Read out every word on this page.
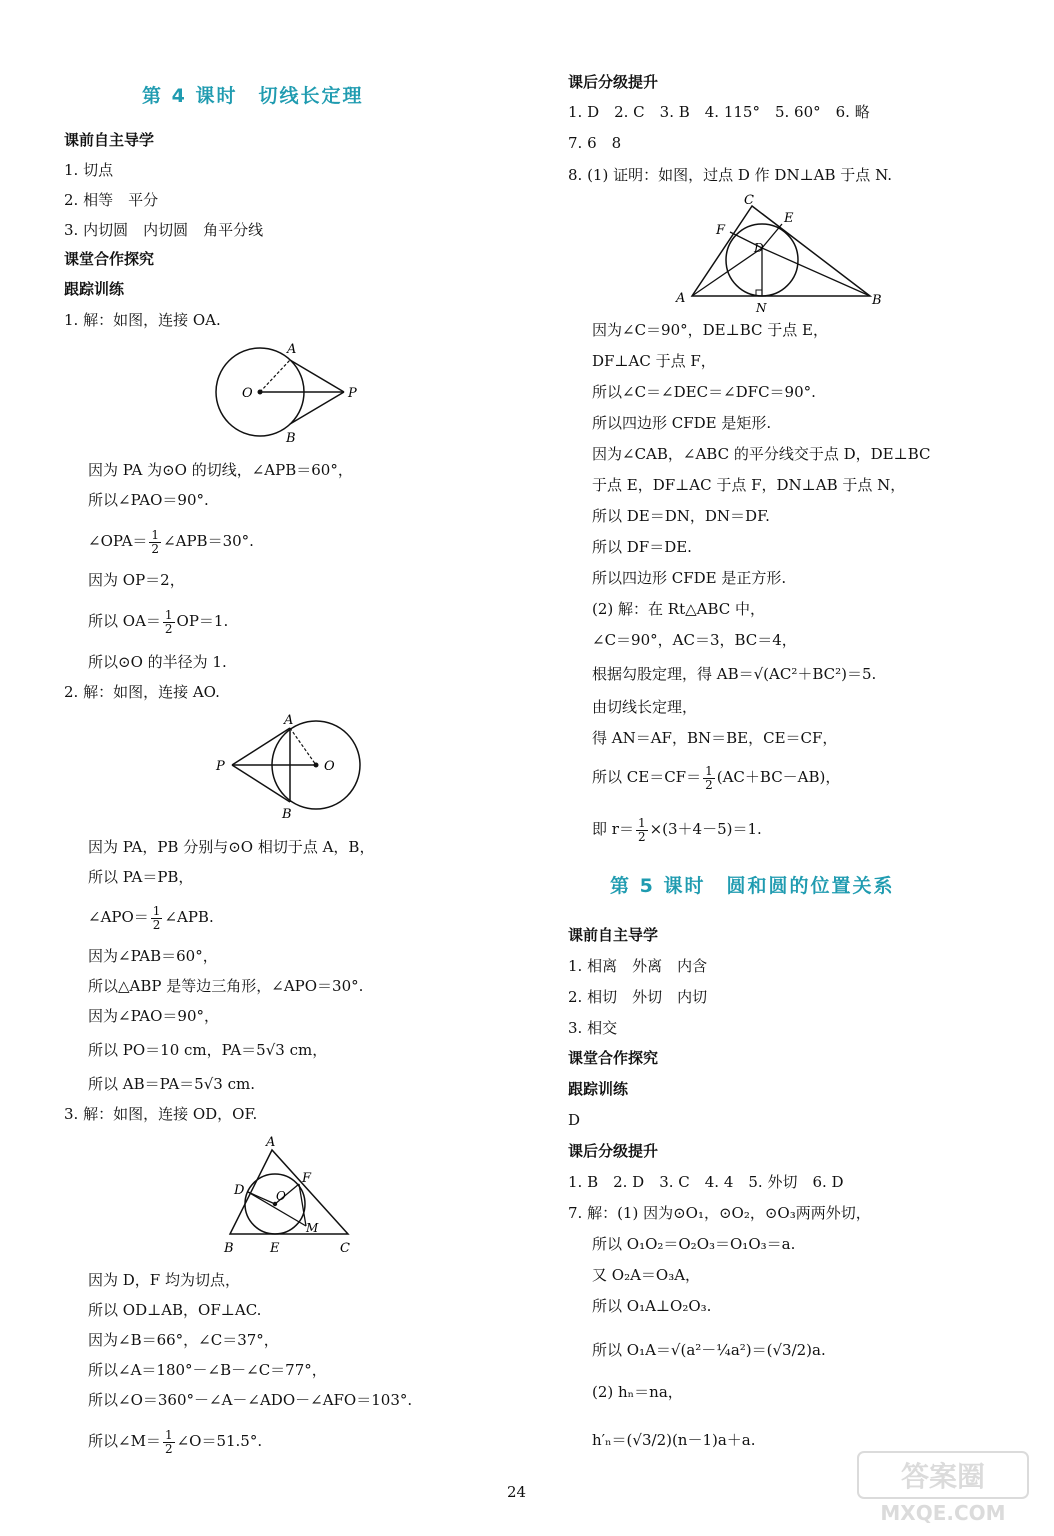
第 4 课时　切线长定理
课前自主导学
1. 切点
2. 相等　平分
3. 内切圆　内切圆　角平分线
课堂合作探究
跟踪训练
1. 解：如图，连接 OA.
O
A
B
P
因为 PA 为⊙O 的切线，∠APB＝60°，
所以∠PAO＝90°.
∠OPA＝ $\frac{1}{2}$ ∠APB＝30°.
因为 OP＝2，
所以 $OA= \frac{1}{2} OP=1$.
所以⊙O 的半径为 1.
2. 解：如图，连接 AO.
O
A
B
P
因为 PA，PB 分别与⊙O 相切于点 A，B，
所以 PA＝PB，
∠APO＝ $\frac{1}{2}$ ∠APB.
因为∠PAB＝60°，
所以△ABP 是等边三角形，∠APO＝30°.
因为∠PAO＝90°，
所以 PO＝10 cm，PA＝5√3 cm，
所以 AB＝PA＝5√3 cm.
3. 解：如图，连接 OD，OF.
A
D
F
O
M
B	E	C
因为 D，F 均为切点，
所以 OD⊥AB，OF⊥AC.
因为∠B＝66°，∠C＝37°，
所以∠A＝180°－∠B－∠C＝77°，
所以∠O＝360°－∠A－∠ADO－∠AFO＝103°.
所以∠M＝ $\frac{1}{2}$ ∠O＝51.5°.
课后分级提升
1. D　2. C　3. B　4. 115°　5. 60°　6. 略
7. 6　8
8. (1) 证明：如图，过点 D 作 DN⊥AB 于点 N.
C
E
F
D
A
N	B
因为∠C＝90°，DE⊥BC 于点 E，
DF⊥AC 于点 F，
所以∠C＝∠DEC＝∠DFC＝90°.
所以四边形 CFDE 是矩形.
因为∠CAB，∠ABC 的平分线交于点 D，DE⊥BC
于点 E，DF⊥AC 于点 F，DN⊥AB 于点 N，
所以 DE＝DN，DN＝DF.
所以 DF＝DE.
所以四边形 CFDE 是正方形.
(2) 解：在 Rt△ABC 中，
∠C＝90°，AC＝3，BC＝4，
根据勾股定理，得 AB＝√(AC²＋BC²)＝5.
由切线长定理，
得 AN＝AF，BN＝BE，CE＝CF，
所以 $CE=CF= \frac{1}{2} (AC+BC-AB)$，
即 $r= \frac{1}{2} \times(3+4-5)=1$.
第 5 课时　圆和圆的位置关系
课前自主导学
1. 相离　外离　内含
2. 相切　外切　内切
3. 相交
课堂合作探究
跟踪训练
D
课后分级提升
1. B　2. D　3. C　4. 4　5. 外切　6. D
7. 解：(1) 因为⊙O₁，⊙O₂，⊙O₃两两外切，
所以 O₁O₂＝O₂O₃＝O₁O₃＝a.
又 O₂A＝O₃A，
所以 O₁A⊥O₂O₃.
所以 O₁A＝√(a²－¼a²)＝(√3/2)a.
(2) hₙ＝na，
h′ₙ＝(√3/2)(n－1)a＋a.
24	答案圈
MXQE.COM
